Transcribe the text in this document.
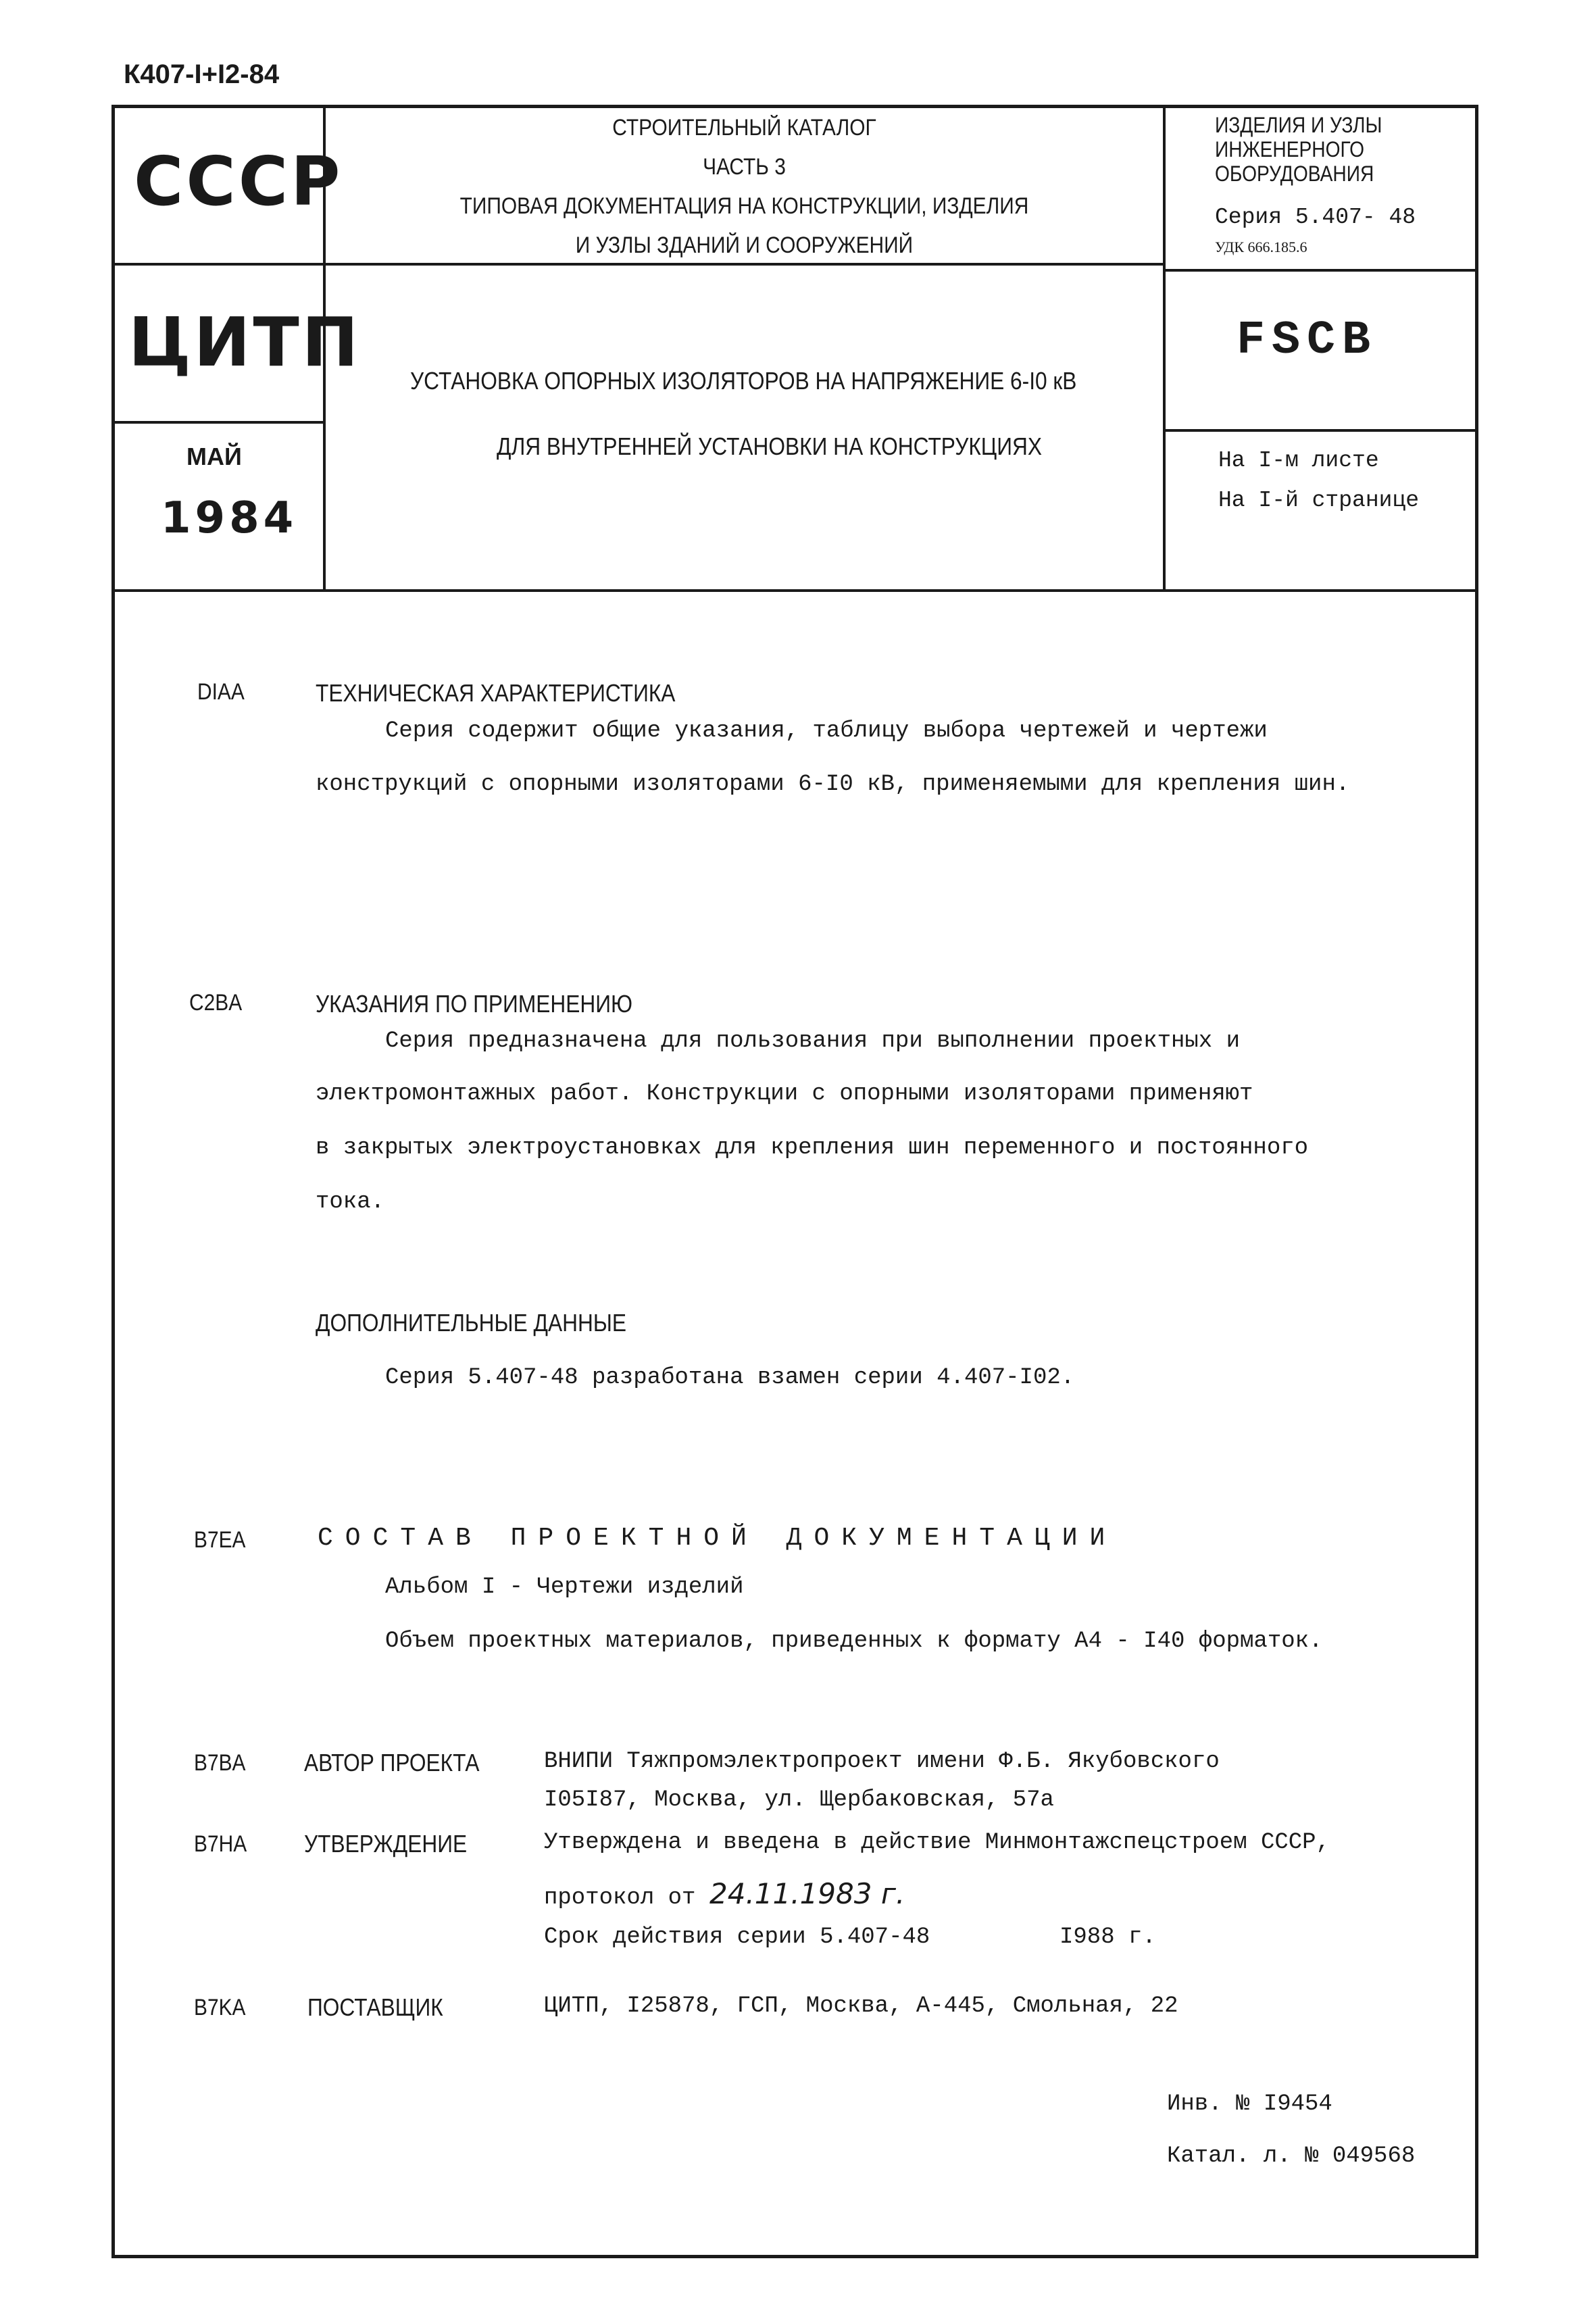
К407-I+I2-84
СССР
ЦИТП
МАЙ
1984
СТРОИТЕЛЬНЫЙ КАТАЛОГ
ЧАСТЬ 3
ТИПОВАЯ ДОКУМЕНТАЦИЯ НА КОНСТРУКЦИИ, ИЗДЕЛИЯ
И УЗЛЫ ЗДАНИЙ И СООРУЖЕНИЙ
ИЗДЕЛИЯ И УЗЛЫ
ИНЖЕНЕРНОГО
ОБОРУДОВАНИЯ
Серия 5.407- 48
УДК 666.185.6
УСТАНОВКА ОПОРНЫХ ИЗОЛЯТОРОВ НА НАПРЯЖЕНИЕ 6-I0 кВ
ДЛЯ ВНУТРЕННЕЙ УСТАНОВКИ НА КОНСТРУКЦИЯХ
FSCB
На I-м листе
На I-й странице
DIAA	ТЕХНИЧЕСКАЯ ХАРАКТЕРИСТИКА
Серия содержит общие указания, таблицу выбора чертежей и чертежи
конструкций с опорными изоляторами 6-I0 кВ, применяемыми для крепления шин.
C2BA	УКАЗАНИЯ ПО ПРИМЕНЕНИЮ
Серия предназначена для пользования при выполнении проектных и
электромонтажных работ. Конструкции с опорными изоляторами применяют
в закрытых электроустановках для крепления шин переменного и постоянного
тока.
ДОПОЛНИТЕЛЬНЫЕ ДАННЫЕ
Серия 5.407-48 разработана взамен серии 4.407-I02.
B7EA	СОСТАВ ПРОЕКТНОЙ ДОКУМЕНТАЦИИ
Альбом I - Чертежи изделий
Объем проектных материалов, приведенных к формату А4 - I40 форматок.
B7BA АВТОР ПРОЕКТА	ВНИПИ Тяжпромэлектропроект имени Ф.Б. Якубовского
I05I87, Москва, ул. Щербаковская, 57а
B7HA УТВЕРЖДЕНИЕ	Утверждена и введена в действие Минмонтажспецстроем СССР,
протокол от 24.11.1983 г.
Срок действия серии 5.407-48	I988 г.
B7KA	ПОСТАВЩИК	ЦИТП, I25878, ГСП, Москва, А-445, Смольная, 22
Инв. № I9454
Катал. л. № 049568
